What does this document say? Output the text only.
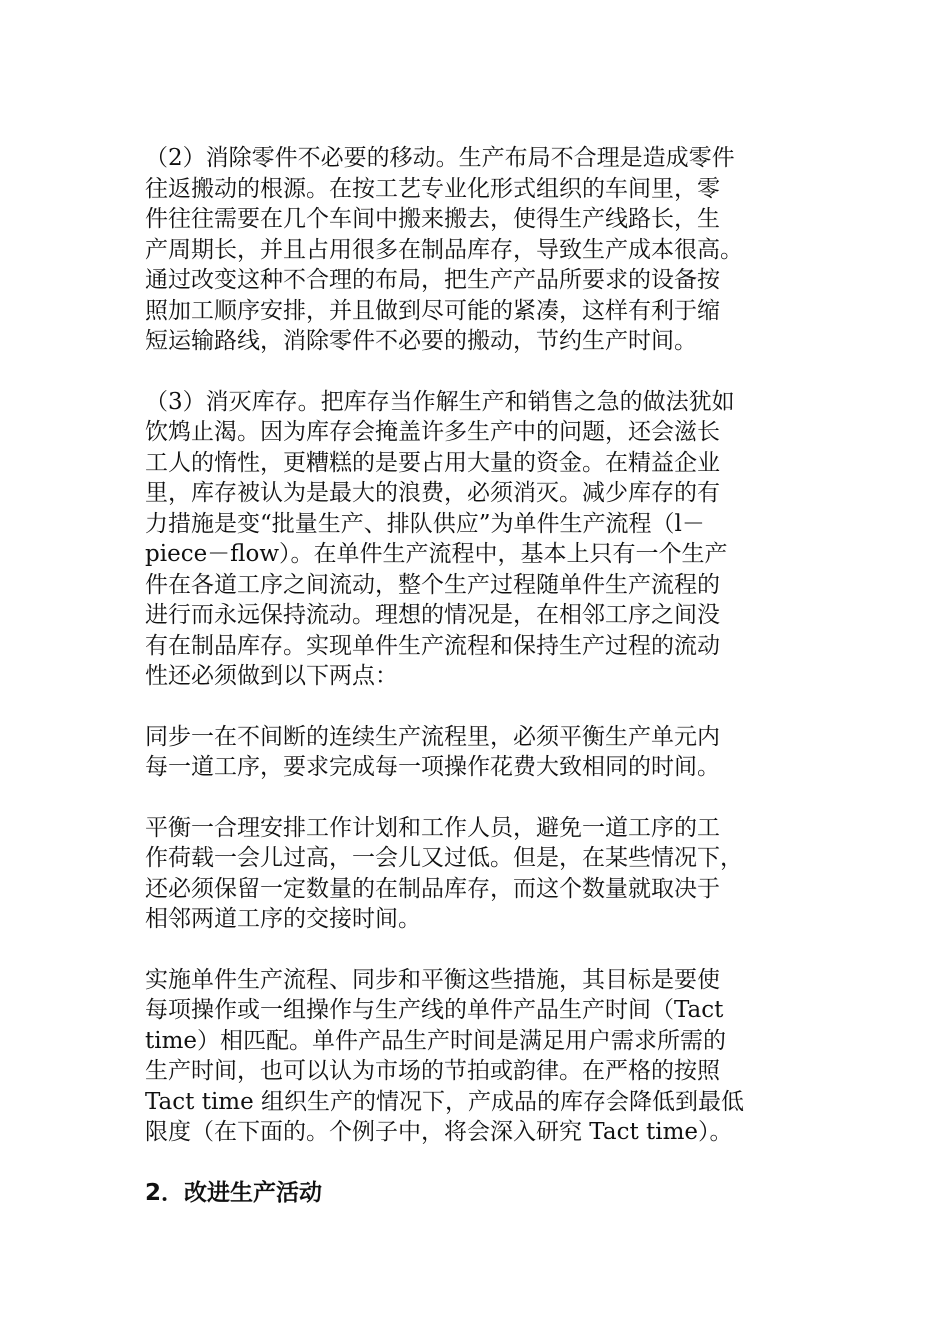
（2）消除零件不必要的移动。生产布局不合理是造成零件
往返搬动的根源。在按工艺专业化形式组织的车间里，零
件往往需要在几个车间中搬来搬去，使得生产线路长，生
产周期长，并且占用很多在制品库存，导致生产成本很高。
通过改变这种不合理的布局，把生产产品所要求的设备按
照加工顺序安排，并且做到尽可能的紧凑，这样有利于缩
短运输路线，消除零件不必要的搬动，节约生产时间。
（3）消灭库存。把库存当作解生产和销售之急的做法犹如
饮鸩止渴。因为库存会掩盖许多生产中的问题，还会滋长
工人的惰性，更糟糕的是要占用大量的资金。在精益企业
里，库存被认为是最大的浪费，必须消灭。减少库存的有
力措施是变“批量生产、排队供应”为单件生产流程（l－
piece－flow）。在单件生产流程中，基本上只有一个生产
件在各道工序之间流动，整个生产过程随单件生产流程的
进行而永远保持流动。理想的情况是，在相邻工序之间没
有在制品库存。实现单件生产流程和保持生产过程的流动
性还必须做到以下两点：
同步一在不间断的连续生产流程里，必须平衡生产单元内
每一道工序，要求完成每一项操作花费大致相同的时间。
平衡一合理安排工作计划和工作人员，避免一道工序的工
作荷载一会儿过高，一会儿又过低。但是，在某些情况下，
还必须保留一定数量的在制品库存，而这个数量就取决于
相邻两道工序的交接时间。
实施单件生产流程、同步和平衡这些措施，其目标是要使
每项操作或一组操作与生产线的单件产品生产时间（Tact
time）相匹配。单件产品生产时间是满足用户需求所需的
生产时间，也可以认为市场的节拍或韵律。在严格的按照
Tact time 组织生产的情况下，产成品的库存会降低到最低
限度（在下面的。个例子中，将会深入研究 Tact time）。
2．改进生产活动
